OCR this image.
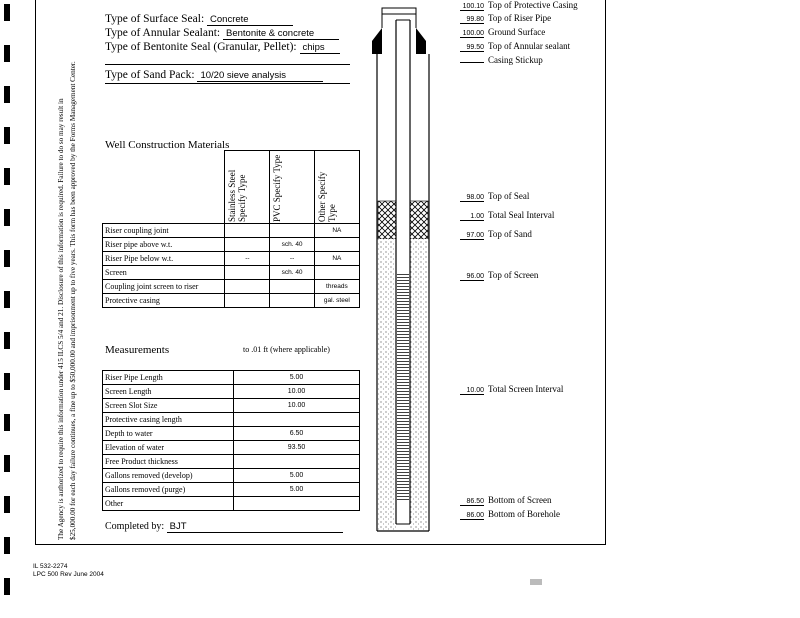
The Agency is authorized to require this information under 415 ILCS 5/4 and 21. Disclosure of this information is required. Failure to do so may result in $25,000.00 for each day failure continues, a fine up to $50,000.00 and imprisonment up to five years. This form has been approved by the Forms Management Center.
Type of Surface Seal: Concrete
Type of Annular Sealant: Bentonite & concrete
Type of Bentonite Seal (Granular, Pellet): chips
Type of Sand Pack: 10/20 sieve analysis
Well Construction Materials

	Stainless Steel Specify Type	PVC Specify Type	Other Specify Type

Riser coupling joint			NA
Riser pipe above w.t.		sch. 40	
Riser Pipe below w.t.	--	--	NA
Screen		sch. 40	
Coupling joint screen to riser			threads
Protective casing			gal. steel
Measurements	to .01 ft (where applicable)
Riser Pipe Length	5.00
Screen Length	10.00
Screen Slot Size	10.00
Protective casing length	
Depth to water	6.50
Elevation of water	93.50
Free Product thickness	
Gallons removed (develop)	5.00
Gallons removed (purge)	5.00
Other	
Completed by: BJT
100.10 Top of Protective Casing
99.80 Top of Riser Pipe
100.00 Ground Surface
99.50 Top of Annular sealant
Casing Stickup
98.00 Top of Seal
1.00 Total Seal Interval
97.00 Top of Sand
96.00 Top of Screen
10.00 Total Screen Interval
86.50 Bottom of Screen
86.00 Bottom of Borehole
IL 532-2274
LPC 500 Rev June 2004
